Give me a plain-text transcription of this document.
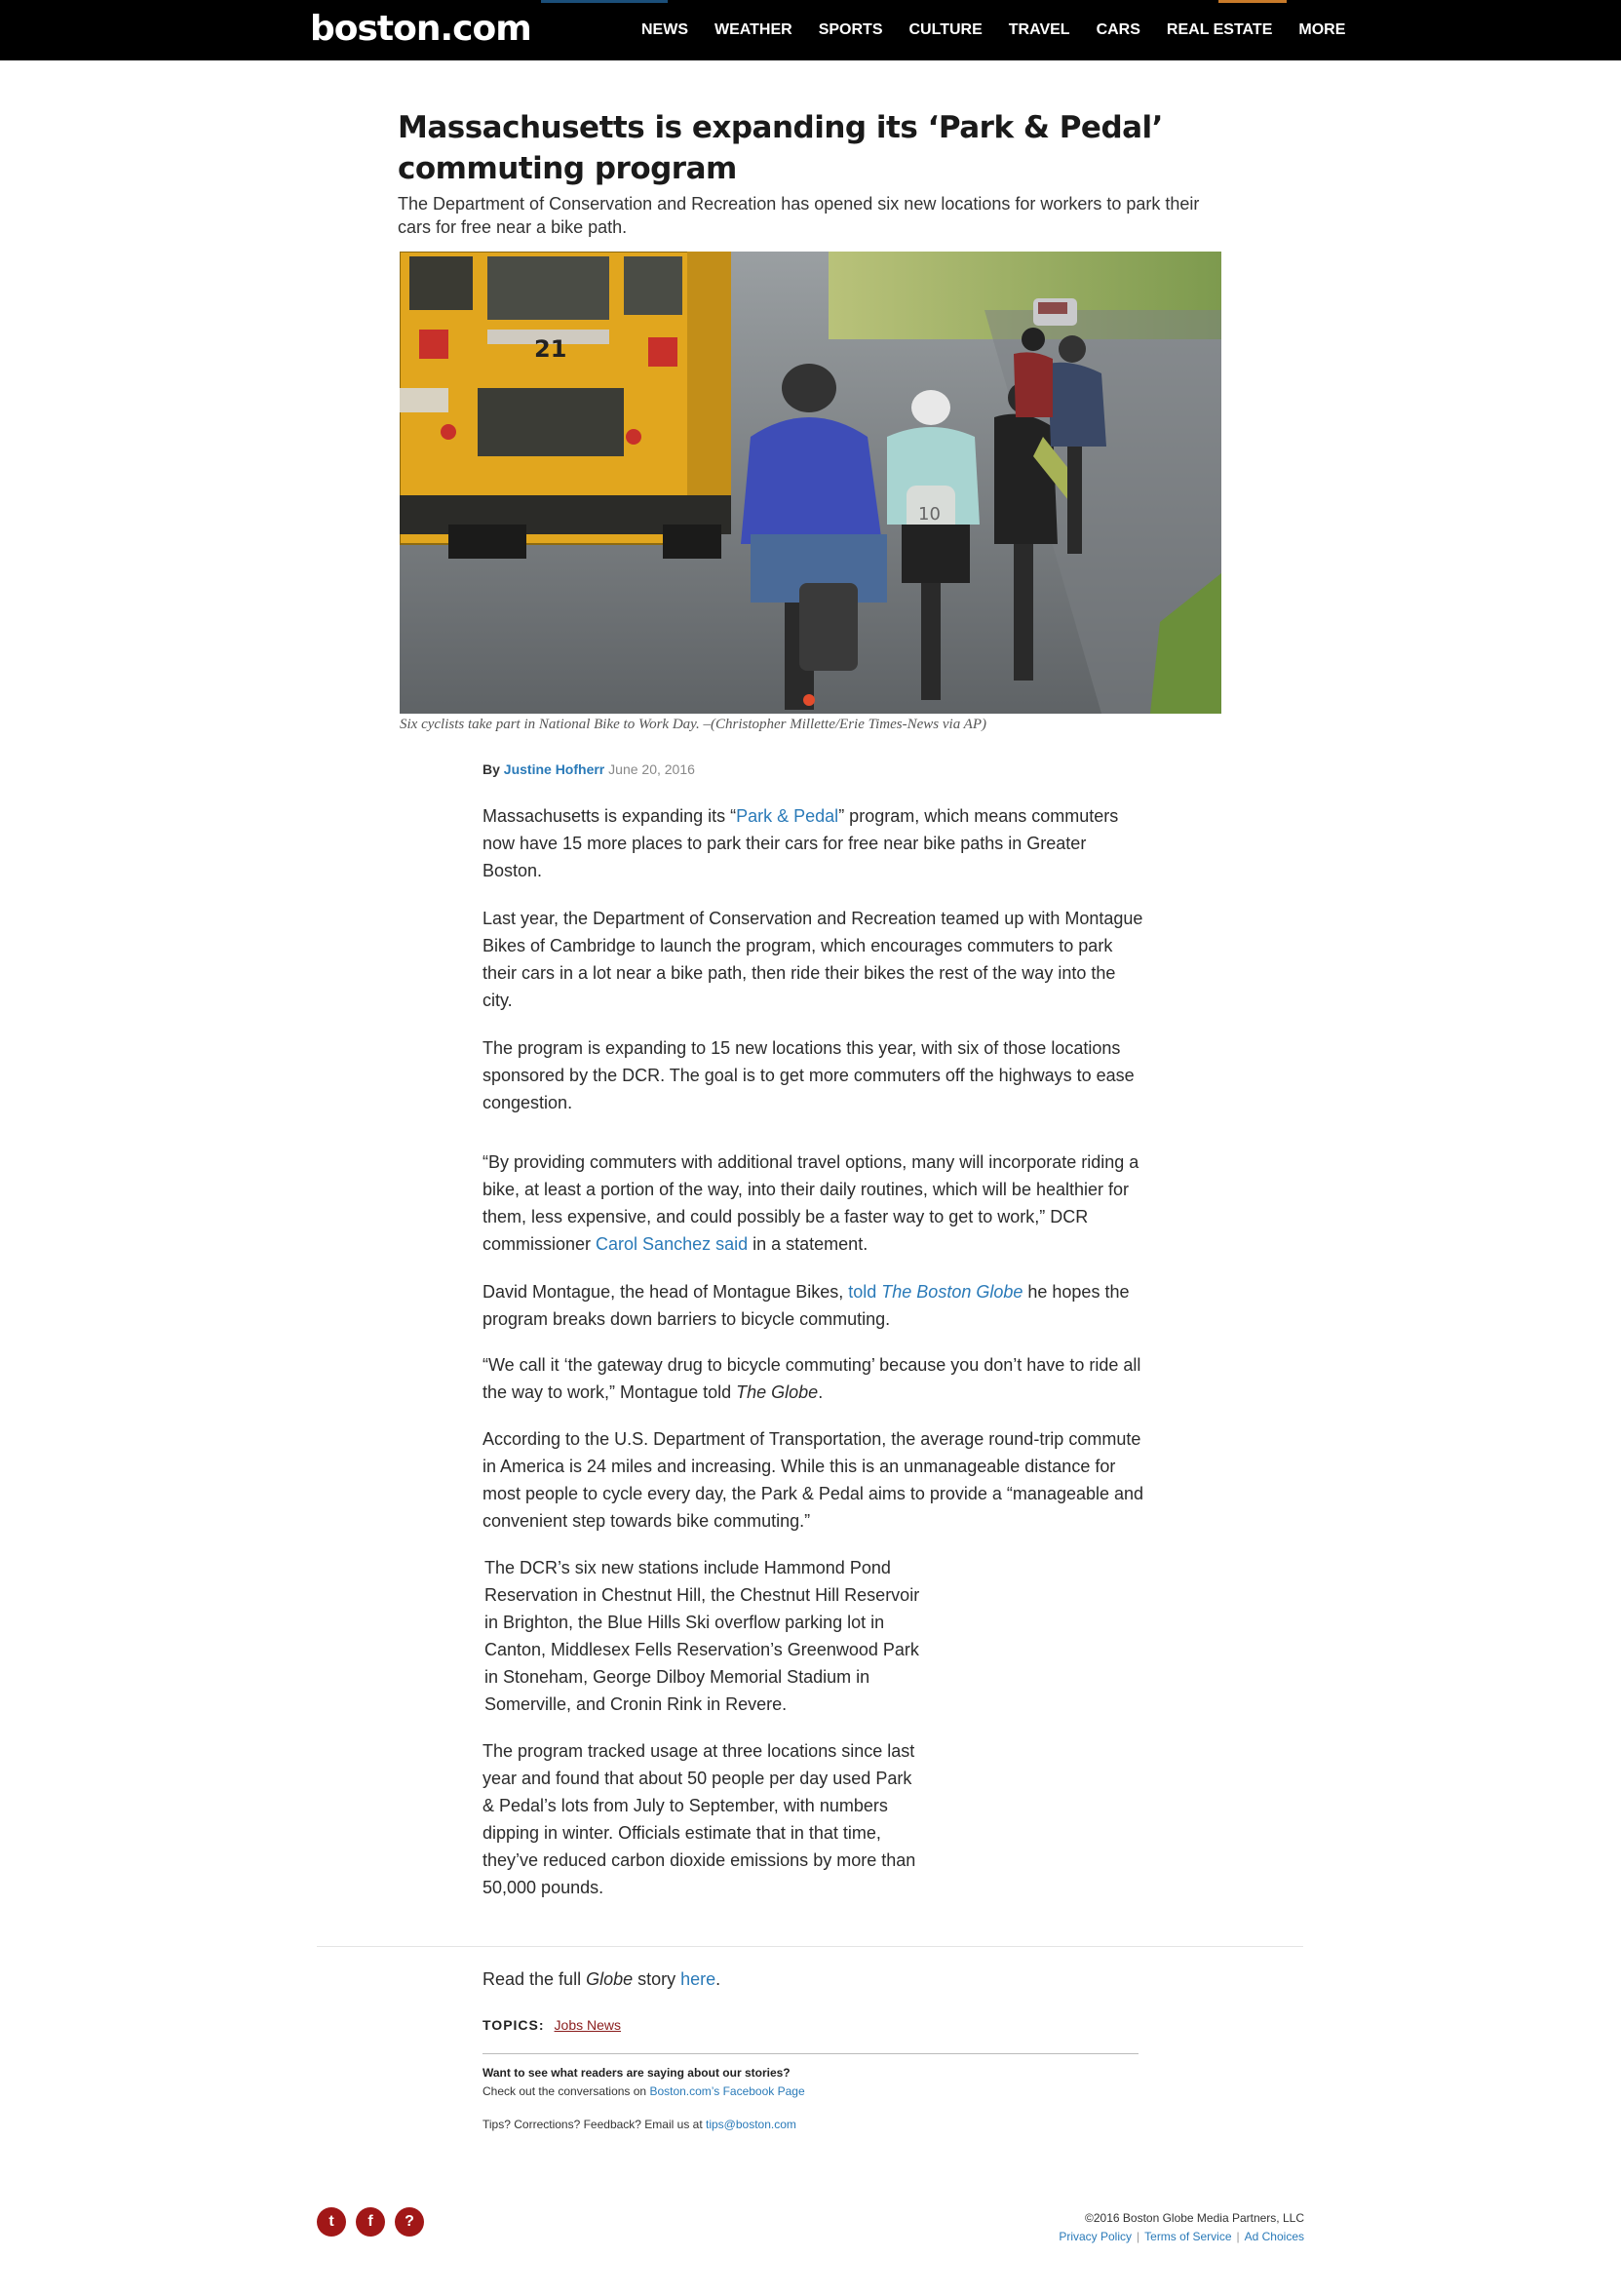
boston.com	NEWS WEATHER SPORTS CULTURE TRAVEL CARS REAL ESTATE MORE
Massachusetts is expanding its ‘Park & Pedal’ commuting program

The Department of Conservation and Recreation has opened six new locations for workers to park their cars for free near a bike path.

21
10
Six cyclists take part in National Bike to Work Day. –(Christopher Millette/Erie Times-News via AP)
By Justine Hofherr June 20, 2016

Massachusetts is expanding its “Park & Pedal” program, which means commuters now have 15 more places to park their cars for free near bike paths in Greater Boston.

Last year, the Department of Conservation and Recreation teamed up with Montague Bikes of Cambridge to launch the program, which encourages commuters to park their cars in a lot near a bike path, then ride their bikes the rest of the way into the city.

The program is expanding to 15 new locations this year, with six of those locations sponsored by the DCR. The goal is to get more commuters off the highways to ease congestion.

“By providing commuters with additional travel options, many will incorporate riding a bike, at least a portion of the way, into their daily routines, which will be healthier for them, less expensive, and could possibly be a faster way to get to work,” DCR commissioner Carol Sanchez said in a statement.

David Montague, the head of Montague Bikes, told The Boston Globe he hopes the program breaks down barriers to bicycle commuting.

“We call it ‘the gateway drug to bicycle commuting’ because you don’t have to ride all the way to work,” Montague told The Globe.

According to the U.S. Department of Transportation, the average round-trip commute in America is 24 miles and increasing. While this is an unmanageable distance for most people to cycle every day, the Park & Pedal aims to provide a “manageable and convenient step towards bike commuting.”

The DCR’s six new stations include Hammond Pond Reservation in Chestnut Hill, the Chestnut Hill Reservoir in Brighton, the Blue Hills Ski overflow parking lot in Canton, Middlesex Fells Reservation’s Greenwood Park in Stoneham, George Dilboy Memorial Stadium in Somerville, and Cronin Rink in Revere.

The program tracked usage at three locations since last year and found that about 50 people per day used Park & Pedal’s lots from July to September, with numbers dipping in winter. Officials estimate that in that time, they’ve reduced carbon dioxide emissions by more than 50,000 pounds.

Read the full Globe story here.

TOPICS: Jobs News
Want to see what readers are saying about our stories?
Check out the conversations on Boston.com’s Facebook Page
Tips? Corrections? Feedback? Email us at tips@boston.com
t	f	?	©2016 Boston Globe Media Partners, LLC
Privacy Policy | Terms of Service | Ad Choices
